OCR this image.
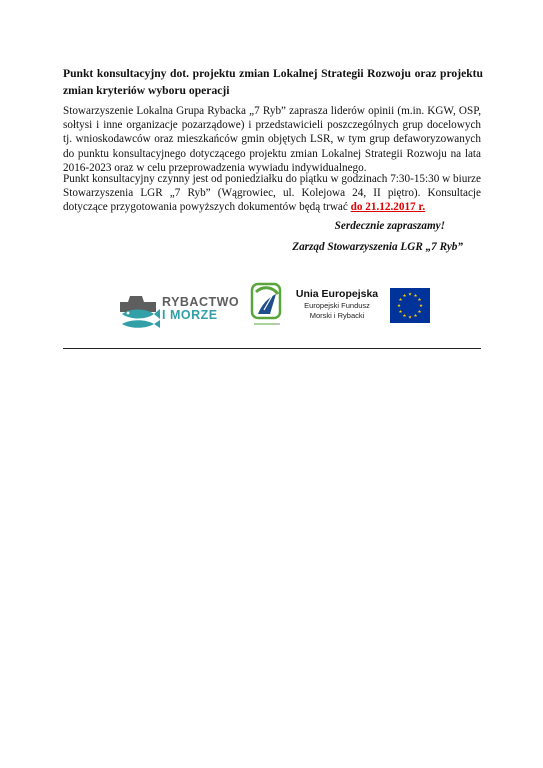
Punkt konsultacyjny dot. projektu zmian Lokalnej Strategii Rozwoju oraz projektu zmian kryteriów wyboru operacji

Stowarzyszenie Lokalna Grupa Rybacka „7 Ryb” zaprasza liderów opinii (m.in. KGW, OSP, sołtysi i inne organizacje pozarządowe) i przedstawicieli poszczególnych grup docelowych tj. wnioskodawców oraz mieszkańców gmin objętych LSR, w tym grup defaworyzowanych do punktu konsultacyjnego dotyczącego projektu zmian Lokalnej Strategii Rozwoju na lata 2016-2023 oraz w celu przeprowadzenia wywiadu indywidualnego.

Punkt konsultacyjny czynny jest od poniedziałku do piątku w godzinach 7:30-15:30 w biurze Stowarzyszenia LGR „7 Ryb” (Wągrowiec, ul. Kolejowa 24, II piętro). Konsultacje dotyczące przygotowania powyższych dokumentów będą trwać do 21.12.2017 r.

Serdecznie zapraszamy!
Zarząd Stowarzyszenia LGR „7 Ryb”
RYBACTWO
I MORZE
Unia Europejska
Europejski Fundusz
Morski i Rybacki
★ ★
★
★
★
★
★
★
★
★
★
★
